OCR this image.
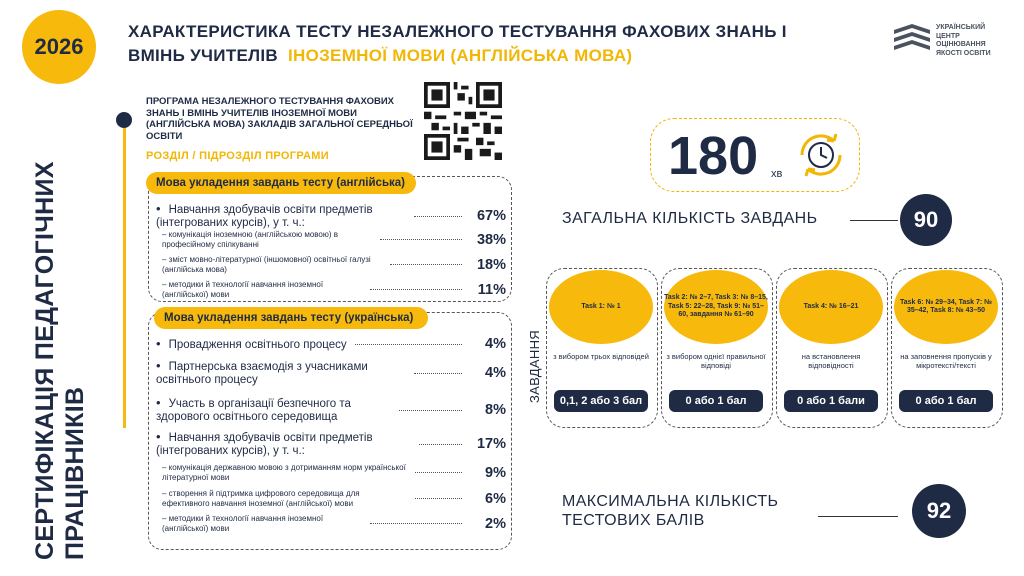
2026
СЕРТИФІКАЦІЯ ПЕДАГОГІЧНИХ ПРАЦІВНИКІВ
ХАРАКТЕРИСТИКА ТЕСТУ НЕЗАЛЕЖНОГО ТЕСТУВАННЯ ФАХОВИХ ЗНАНЬ І ВМІНЬ УЧИТЕЛІВ ІНОЗЕМНОЇ МОВИ (АНГЛІЙСЬКА МОВА)
УКРАЇНСЬКИЙ
ЦЕНТР
ОЦІНЮВАННЯ
ЯКОСТІ ОСВІТИ
ПРОГРАМА НЕЗАЛЕЖНОГО ТЕСТУВАННЯ ФАХОВИХ ЗНАНЬ І ВМІНЬ УЧИТЕЛІВ ІНОЗЕМНОЇ МОВИ (АНГЛІЙСЬКА МОВА) ЗАКЛАДІВ ЗАГАЛЬНОЇ СЕРЕДНЬОЇ ОСВІТИ
РОЗДІЛ / ПІДРОЗДІЛ ПРОГРАМИ
Мова укладення завдань тесту (англійська)
• Навчання здобувачів освіти предметів (інтегрованих курсів), у т. ч.:	67%
– комунікація іноземною (англійською мовою) в професійному спілкуванні	38%
– зміст мовно-літературної (іншомовної) освітньої галузі (англійська мова)	18%
– методики й технології навчання іноземної (англійської) мови	11%
Мова укладення завдань тесту (українська)
• Провадження освітнього процесу	4%
• Партнерська взаємодія з учасниками освітнього процесу	4%
• Участь в організації безпечного та здорового освітнього середовища	8%
• Навчання здобувачів освіти предметів (інтегрованих курсів), у т. ч.:	17%
– комунікація державною мовою з дотриманням норм української літературної мови	9%
– створення й підтримка цифрового середовища для ефективного навчання іноземної (англійської) мови	6%
– методики й технології навчання іноземної (англійської) мови	2%
180 хв
ЗАГАЛЬНА КІЛЬКІСТЬ ЗАВДАНЬ	90
ЗАВДАННЯ
Task 1: № 1
з вибором трьох відповідей
0,1, 2 або 3 бал
Task 2: № 2–7, Task 3: № 8–15, Task 5: 22–28, Task 9: № 51–60, завдання № 61–90
з вибором однієї правильної відповіді
0 або 1 бал
Task 4: № 16–21
на встановлення відповідності
0 або 1 бали
Task 6: № 29–34, Task 7: № 35–42, Task 8: № 43–50
на заповнення пропусків у мікротексті/тексті
0 або 1 бал
МАКСИМАЛЬНА КІЛЬКІСТЬ ТЕСТОВИХ БАЛІВ	92
